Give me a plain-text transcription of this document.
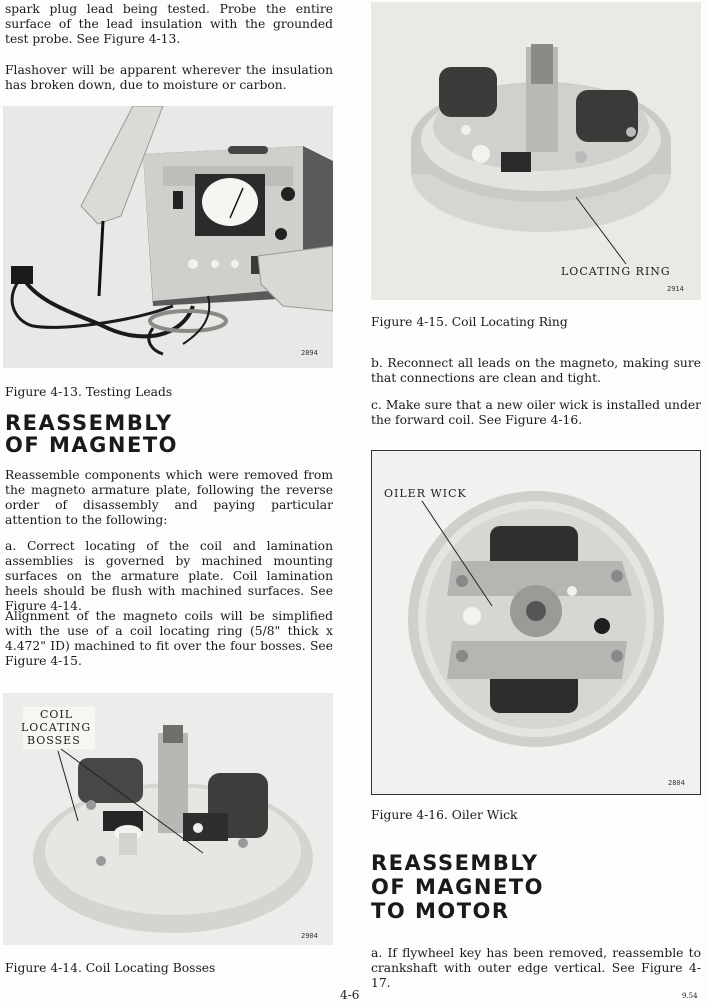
spark plug lead being tested. Probe the entire surface of the lead insulation with the grounded test probe. See Figure 4-13.

Flashover will be apparent wherever the insulation has broken down, due to moisture or carbon.

2894

Figure 4-13. Testing Leads

REASSEMBLY

OF MAGNETO

Reassemble components which were removed from the magneto armature plate, following the reverse order of disassembly and paying particular attention to the following:

a. Correct locating of the coil and lamination assemblies is governed by machined mounting surfaces on the armature plate. Coil lamination heels should be flush with machined surfaces. See Figure 4-14.

Alignment of the magneto coils will be simplified with the use of a coil locating ring (5/8" thick x 4.472" ID) machined to fit over the four bosses. See Figure 4-15.

COIL
LOCATING
BOSSES
2904

Figure 4-14. Coil Locating Bosses

LOCATING RING
2914

Figure 4-15. Coil Locating Ring

b. Reconnect all leads on the magneto, making sure that connections are clean and tight.

c. Make sure that a new oiler wick is installed under the forward coil. See Figure 4-16.

OILER WICK
2804

Figure 4-16. Oiler Wick

REASSEMBLY

OF MAGNETO

TO MOTOR

a. If flywheel key has been removed, reassemble to crankshaft with outer edge vertical. See Figure 4-17.

4-6	9.54
